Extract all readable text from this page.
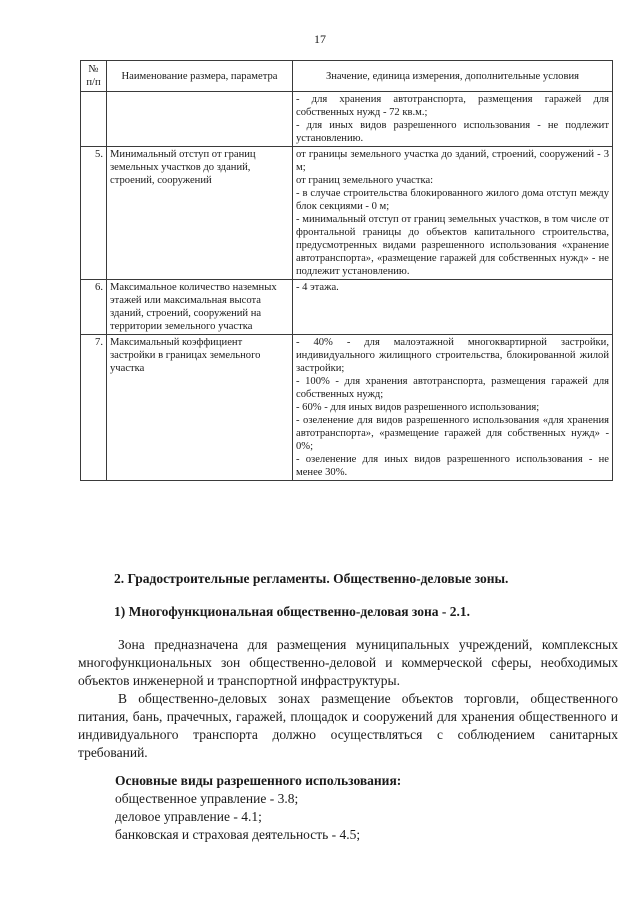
17
№
п/п	Наименование размера, параметра	Значение, единица измерения, дополнительные условия

		- для хранения автотранспорта, размещения гаражей для собственных нужд - 72 кв.м.;
- для иных видов разрешенного использования - не подлежит установлению.

5.	Минимальный отступ от границ земельных участков до зданий, строений, сооружений	от границы земельного участка до зданий, строений, сооружений - 3 м;
от границ земельного участка:
- в случае строительства блокированного жилого дома отступ между блок секциями - 0 м;
- минимальный отступ от границ земельных участков, в том числе от фронтальной границы до объектов капитального строительства, предусмотренных видами разрешенного использования «хранение автотранспорта», «размещение гаражей для собственных нужд» - не подлежит установлению.

6.	Максимальное количество наземных этажей или максимальная высота зданий, строений, сооружений на территории земельного участка	- 4 этажа.

7.	Максимальный коэффициент застройки в границах земельного участка	- 40% - для малоэтажной многоквартирной застройки, индивидуального жилищного строительства, блокированной жилой застройки;
- 100% - для хранения автотранспорта, размещения гаражей для собственных нужд;
- 60% - для иных видов разрешенного использования;
- озеленение для видов разрешенного использования «для хранения автотранспорта», «размещение гаражей для собственных нужд» - 0%;
- озеленение для иных видов разрешенного использования - не менее 30%.
2. Градостроительные регламенты. Общественно-деловые зоны.
1) Многофункциональная общественно-деловая зона - 2.1.
Зона предназначена для размещения муниципальных учреждений, комплексных многофункциональных зон общественно-деловой и коммерческой сферы, необходимых объектов инженерной и транспортной инфраструктуры.
В общественно-деловых зонах размещение объектов торговли, общественного питания, бань, прачечных, гаражей, площадок и сооружений для хранения общественного и индивидуального транспорта должно осуществляться с соблюдением санитарных требований.
Основные виды разрешенного использования:
общественное управление - 3.8;
деловое управление - 4.1;
банковская и страховая деятельность - 4.5;
